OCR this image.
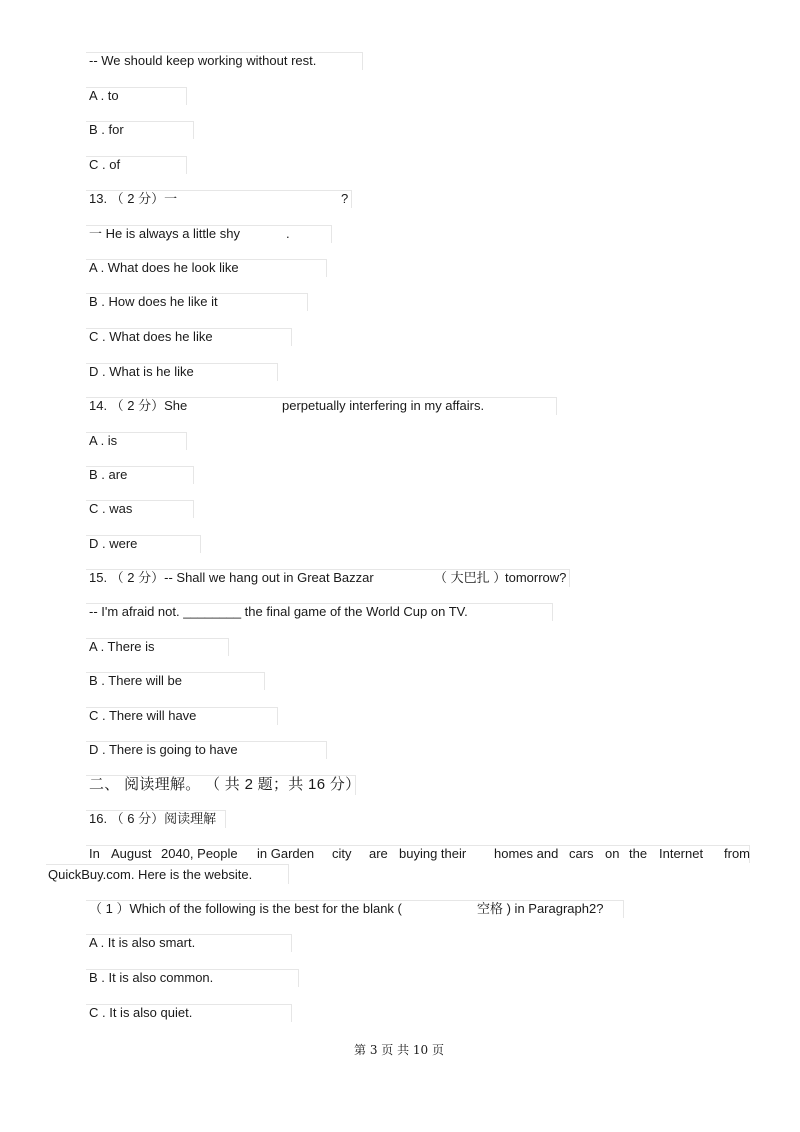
-- We should keep working without rest.
A . to
B . for
C . of
13. （ 2 分）一	?
一 He is always a little shy	.
A . What does he look like
B . How does he like it
C . What does he like
D . What is he like
14. （ 2 分）She	perpetually interfering in my affairs.
A . is
B . are
C . was
D . were
15. （ 2 分）-- Shall we hang out in Great Bazzar	（ 大巴扎 ）
tomorrow?
-- I'm afraid not. ________ the final game of the World Cup on TV.
A . There is
B . There will be
C . There will have
D . There is going to have
二、 阅读理解。 （ 共 2 题；共 16 分）
16. （ 6 分）阅读理解
In August 2040, People in Garden city are buying their homes and cars on the Internet from
QuickBuy.com. Here is the website.
（ 1 ）Which of the following is the best for the blank (	空格 ) in Paragraph2?
A . It is also smart.
B . It is also common.
C . It is also quiet.
第 3 页 共 10 页
